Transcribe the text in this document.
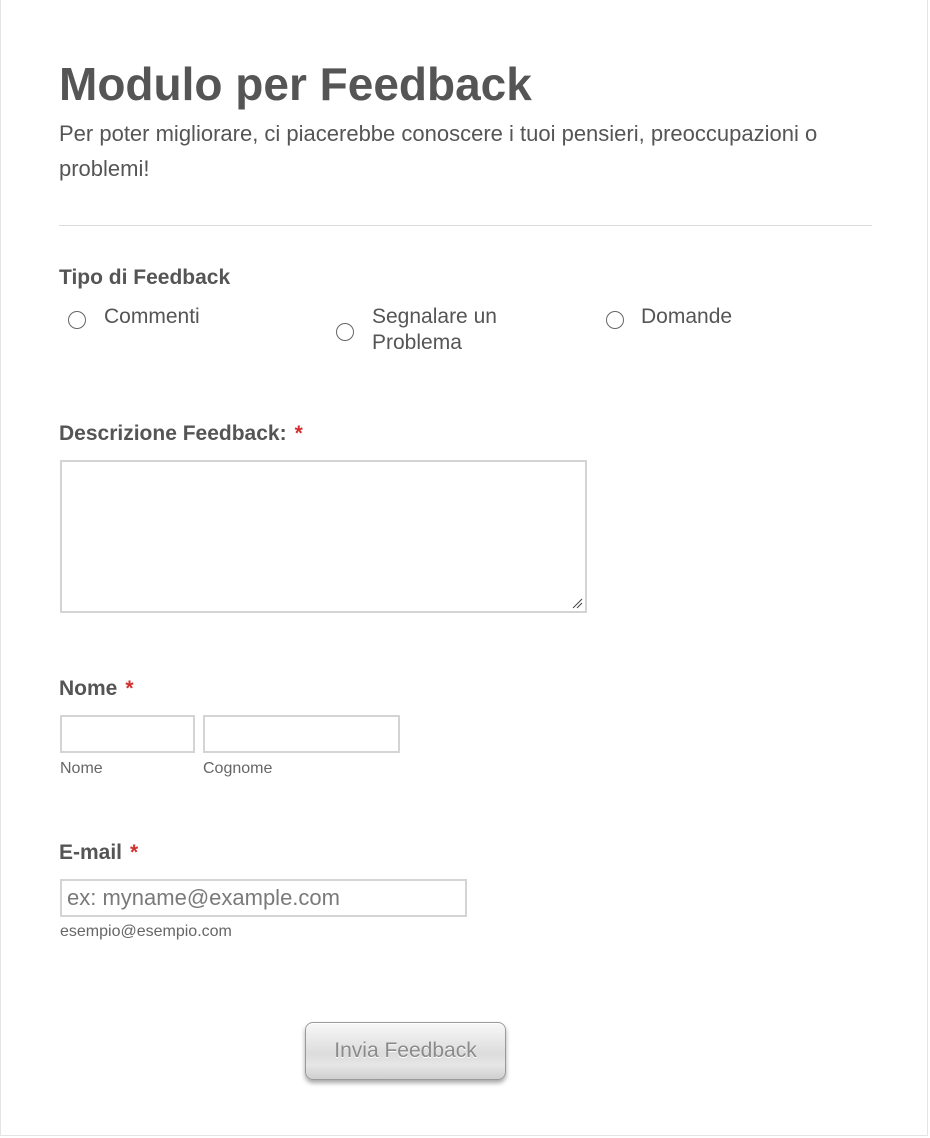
Modulo per Feedback
Per poter migliorare, ci piacerebbe conoscere i tuoi pensieri, preoccupazioni o problemi!
Tipo di Feedback
Commenti	Segnalare un Problema
Domande
Descrizione Feedback: *
Nome *
Nome	Cognome
E-mail *
ex: myname@example.com
esempio@esempio.com
Invia Feedback
